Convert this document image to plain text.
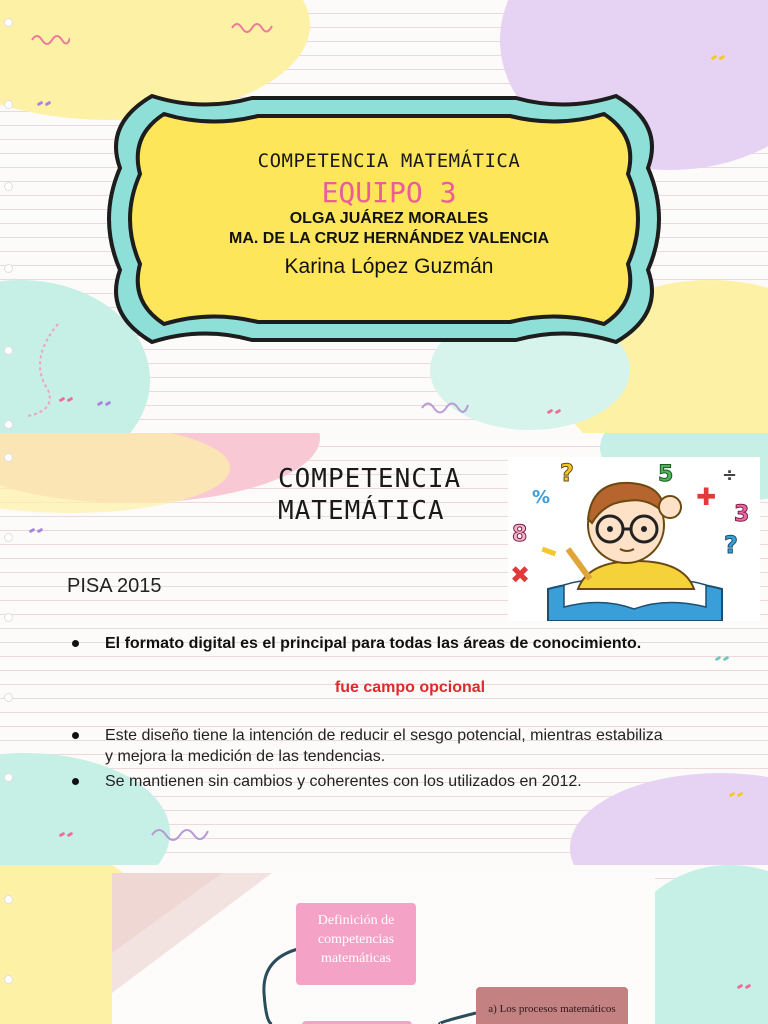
COMPETENCIA MATEMÁTICA
EQUIPO 3
OLGA JUÁREZ MORALES
MA. DE LA CRUZ HERNÁNDEZ VALENCIA
Karina López Guzmán
COMPETENCIA
MATEMÁTICA
?	5	÷
✚
3
?
%
8
✖
PISA 2015
El formato digital es el principal para todas las áreas de conocimiento.
fue campo opcional
Este diseño tiene la intención de reducir el sesgo potencial, mientras estabiliza y mejora la medición de las tendencias.
Se mantienen sin cambios y coherentes con los utilizados en 2012.
Definición de competencias matemáticas
a) Los procesos matemáticos
